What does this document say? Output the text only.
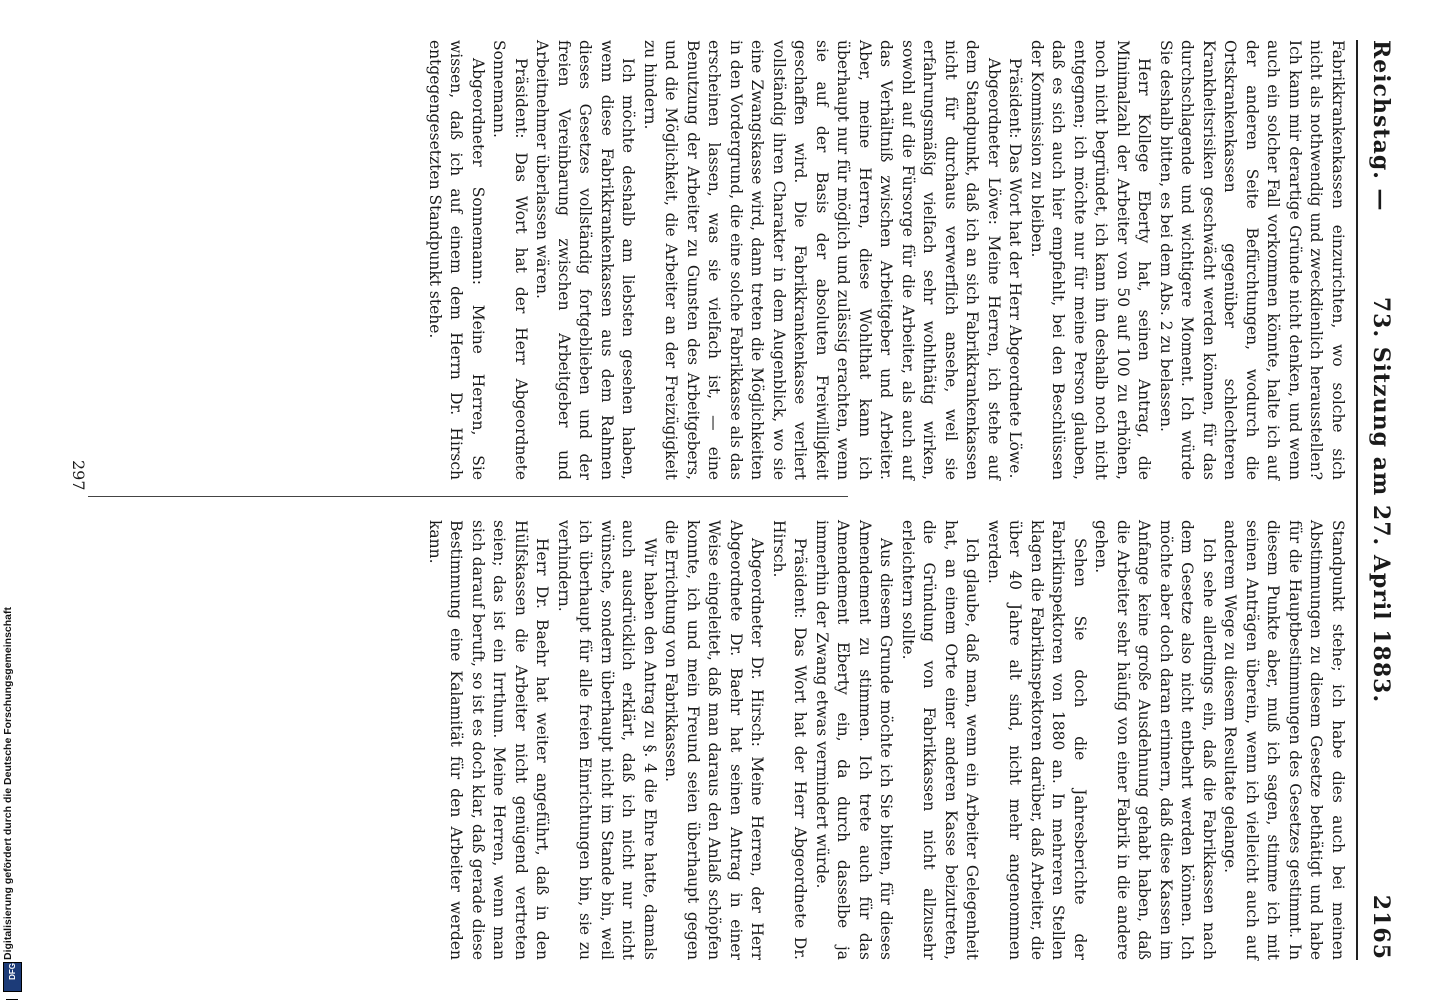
Reichstag. —
73. Sitzung am 27. April 1883.
2165

Fabrikkrankenkassen einzurichten, wo solche sich nicht als nothwendig und zweckdienlich herausstellen? Ich kann mir derartige Gründe nicht denken, und wenn auch ein solcher Fall vorkommen könnte, halte ich auf der anderen Seite Befürchtungen, wodurch die Ortskrankenkassen gegenüber schlechteren Krankheitsrisiken geschwächt werden können, für das durchschlagende und wichtigere Moment. Ich würde Sie deshalb bitten, es bei dem Abs. 2 zu belassen.

Herr Kollege Eberty hat, seinen Antrag, die Minimalzahl der Arbeiter von 50 auf 100 zu erhöhen, noch nicht begründet, ich kann ihn deshalb noch nicht entgegnen; ich möchte nur für meine Person glauben, daß es sich auch hier empfiehlt, bei den Beschlüssen der Kommission zu bleiben.

Präsident: Das Wort hat der Herr Abgeordnete Löwe.

Abgeordneter Löwe: Meine Herren, ich stehe auf dem Standpunkt, daß ich an sich Fabrikkrankenkassen nicht für durchaus verwerflich ansehe, weil sie erfahrungsmäßig vielfach sehr wohlthätig wirken, sowohl auf die Fürsorge für die Arbeiter, als auch auf das Verhältniß zwischen Arbeitgeber und Arbeiter. Aber, meine Herren, diese Wohlthat kann ich überhaupt nur für möglich und zulässig erachten, wenn sie auf der Basis der absoluten Freiwilligkeit geschaffen wird. Die Fabrikkrankenkasse verliert vollständig ihren Charakter in dem Augenblick, wo sie eine Zwangskasse wird, dann treten die Möglichkeiten in den Vordergrund, die eine solche Fabrikkasse als das erscheinen lassen, was sie vielfach ist, — eine Benutzung der Arbeiter zu Gunsten des Arbeitgebers, und die Möglichkeit, die Arbeiter an der Freizügigkeit zu hindern.

Ich möchte deshalb am liebsten gesehen haben, wenn diese Fabrikkrankenkassen aus dem Rahmen dieses Gesetzes vollständig fortgeblieben und der freien Vereinbarung zwischen Arbeitgeber und Arbeitnehmer überlassen wären.

Präsident: Das Wort hat der Herr Abgeordnete Sonnemann.

Abgeordneter Sonnemann: Meine Herren, Sie wissen, daß ich auf einem dem Herrn Dr. Hirsch entgegengesetzten Standpunkt stehe.

Standpunkt stehe; ich habe dies auch bei meinen Abstimmungen zu diesem Gesetze bethätigt und habe für die Hauptbestimmungen des Gesetzes gestimmt. In diesem Punkte aber, muß ich sagen, stimme ich mit seinen Anträgen überein, wenn ich vielleicht auch auf anderem Wege zu diesem Resultate gelange.

Ich sehe allerdings ein, daß die Fabrikkassen nach dem Gesetze also nicht entbehrt werden können. Ich möchte aber doch daran erinnern, daß diese Kassen im Anfange keine große Ausdehnung gehabt haben, daß die Arbeiter sehr häufig von einer Fabrik in die andere gehen.

Sehen Sie doch die Jahresberichte der Fabrikinspektoren von 1880 an. In mehreren Stellen klagen die Fabrikinspektoren darüber, daß Arbeiter, die über 40 Jahre alt sind, nicht mehr angenommen werden.

Ich glaube, daß man, wenn ein Arbeiter Gelegenheit hat, an einem Orte einer anderen Kasse beizutreten, die Gründung von Fabrikkassen nicht allzusehr erleichtern sollte.

Aus diesem Grunde möchte ich Sie bitten, für dieses Amendement zu stimmen. Ich trete auch für das Amendement Eberty ein, da durch dasselbe ja immerhin der Zwang etwas vermindert würde.

Präsident: Das Wort hat der Herr Abgeordnete Dr. Hirsch.

Abgeordneter Dr. Hirsch: Meine Herren, der Herr Abgeordnete Dr. Baehr hat seinen Antrag in einer Weise eingeleitet, daß man daraus den Anlaß schöpfen konnte, ich und mein Freund seien überhaupt gegen die Errichtung von Fabrikkassen.

Wir haben den Antrag zu §. 4 die Ehre hatte, damals auch ausdrücklich erklärt, daß ich nicht nur nicht wünsche, sondern überhaupt nicht im Stande bin, weil ich überhaupt für alle freien Einrichtungen bin, sie zu verhindern.

Herr Dr. Baehr hat weiter angeführt, daß in den Hülfskassen die Arbeiter nicht genügend vertreten seien; das ist ein Irrthum. Meine Herren, wenn man sich darauf beruft, so ist es doch klar, daß gerade diese Bestimmung eine Kalamität für den Arbeiter werden kann.

297
Digitalisierung gefördert durch die Deutsche Forschungsgemeinschaft
DFG
